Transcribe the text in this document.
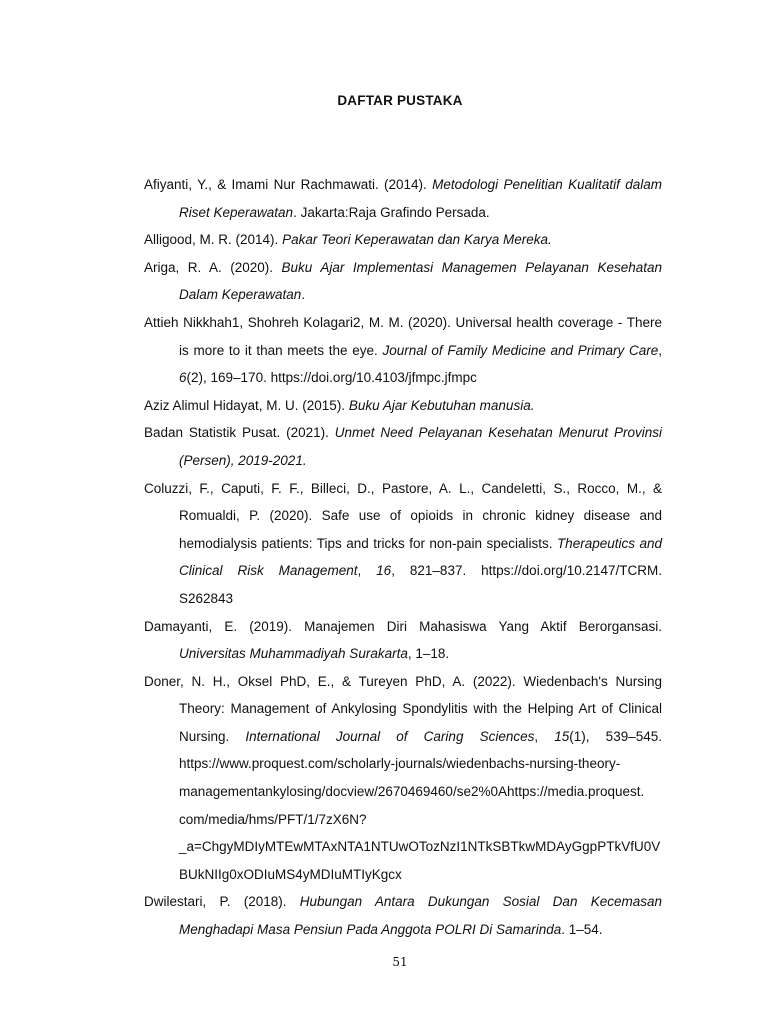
DAFTAR PUSTAKA

Afiyanti, Y., & Imami Nur Rachmawati. (2014). Metodologi Penelitian Kualitatif dalam Riset Keperawatan. Jakarta:Raja Grafindo Persada.

Alligood, M. R. (2014). Pakar Teori Keperawatan dan Karya Mereka.

Ariga, R. A. (2020). Buku Ajar Implementasi Managemen Pelayanan Kesehatan Dalam Keperawatan.

Attieh Nikkhah1, Shohreh Kolagari2, M. M. (2020). Universal health coverage - There is more to it than meets the eye. Journal of Family Medicine and Primary Care, 6(2), 169–170. https://doi.org/10.4103/jfmpc.jfmpc

Aziz Alimul Hidayat, M. U. (2015). Buku Ajar Kebutuhan manusia.

Badan Statistik Pusat. (2021). Unmet Need Pelayanan Kesehatan Menurut Provinsi (Persen), 2019-2021.

Coluzzi, F., Caputi, F. F., Billeci, D., Pastore, A. L., Candeletti, S., Rocco, M., & Romualdi, P. (2020). Safe use of opioids in chronic kidney disease and hemodialysis patients: Tips and tricks for non-pain specialists. Therapeutics and Clinical Risk Management, 16, 821–837. https://doi.org/10.2147/TCRM. S262843

Damayanti, E. (2019). Manajemen Diri Mahasiswa Yang Aktif Berorgansasi. Universitas Muhammadiyah Surakarta, 1–18.

Doner, N. H., Oksel PhD, E., & Tureyen PhD, A. (2022). Wiedenbach's Nursing Theory: Management of Ankylosing Spondylitis with the Helping Art of Clinical Nursing. International Journal of Caring Sciences, 15(1), 539–545. https://www.proquest.com/scholarly-journals/wiedenbachs-nursing-theory-managementankylosing/docview/2670469460/se2%0Ahttps://media.proquest. com/media/hms/PFT/1/7zX6N?_a=ChgyMDIyMTEwMTAxNTA1NTUwOTozNzI1NTkSBTkwMDAyGgpPTkVfU0VBUkNIIg0xODIuMS4yMDIuMTIyKgcx

Dwilestari, P. (2018). Hubungan Antara Dukungan Sosial Dan Kecemasan Menghadapi Masa Pensiun Pada Anggota POLRI Di Samarinda. 1–54.

51
